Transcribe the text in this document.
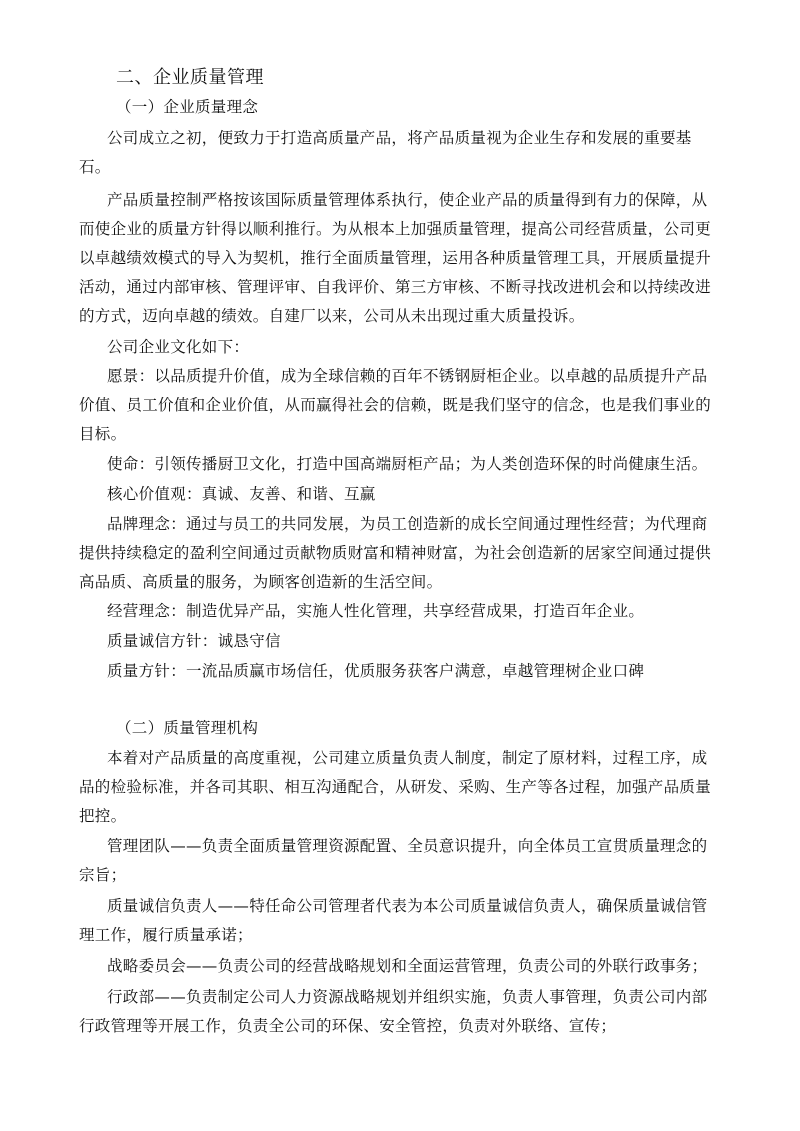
二、企业质量管理
（一）企业质量理念
公司成立之初，便致力于打造高质量产品，将产品质量视为企业生存和发展的重要基
石。
产品质量控制严格按该国际质量管理体系执行，使企业产品的质量得到有力的保障，从
而使企业的质量方针得以顺利推行。为从根本上加强质量管理，提高公司经营质量，公司更
以卓越绩效模式的导入为契机，推行全面质量管理，运用各种质量管理工具，开展质量提升
活动，通过内部审核、管理评审、自我评价、第三方审核、不断寻找改进机会和以持续改进
的方式，迈向卓越的绩效。自建厂以来，公司从未出现过重大质量投诉。
公司企业文化如下：
愿景：以品质提升价值，成为全球信赖的百年不锈钢厨柜企业。以卓越的品质提升产品
价值、员工价值和企业价值，从而赢得社会的信赖，既是我们坚守的信念，也是我们事业的
目标。
使命：引领传播厨卫文化，打造中国高端厨柜产品；为人类创造环保的时尚健康生活。
核心价值观：真诚、友善、和谐、互赢
品牌理念：通过与员工的共同发展，为员工创造新的成长空间通过理性经营；为代理商
提供持续稳定的盈利空间通过贡献物质财富和精神财富，为社会创造新的居家空间通过提供
高品质、高质量的服务，为顾客创造新的生活空间。
经营理念：制造优异产品，实施人性化管理，共享经营成果，打造百年企业。
质量诚信方针：诚恳守信
质量方针：一流品质赢市场信任，优质服务获客户满意，卓越管理树企业口碑
（二）质量管理机构
本着对产品质量的高度重视，公司建立质量负责人制度，制定了原材料，过程工序，成
品的检验标准，并各司其职、相互沟通配合，从研发、采购、生产等各过程，加强产品质量
把控。
管理团队——负责全面质量管理资源配置、全员意识提升，向全体员工宣贯质量理念的
宗旨；
质量诚信负责人——特任命公司管理者代表为本公司质量诚信负责人，确保质量诚信管
理工作，履行质量承诺；
战略委员会——负责公司的经营战略规划和全面运营管理，负责公司的外联行政事务；
行政部——负责制定公司人力资源战略规划并组织实施，负责人事管理，负责公司内部
行政管理等开展工作，负责全公司的环保、安全管控，负责对外联络、宣传；
